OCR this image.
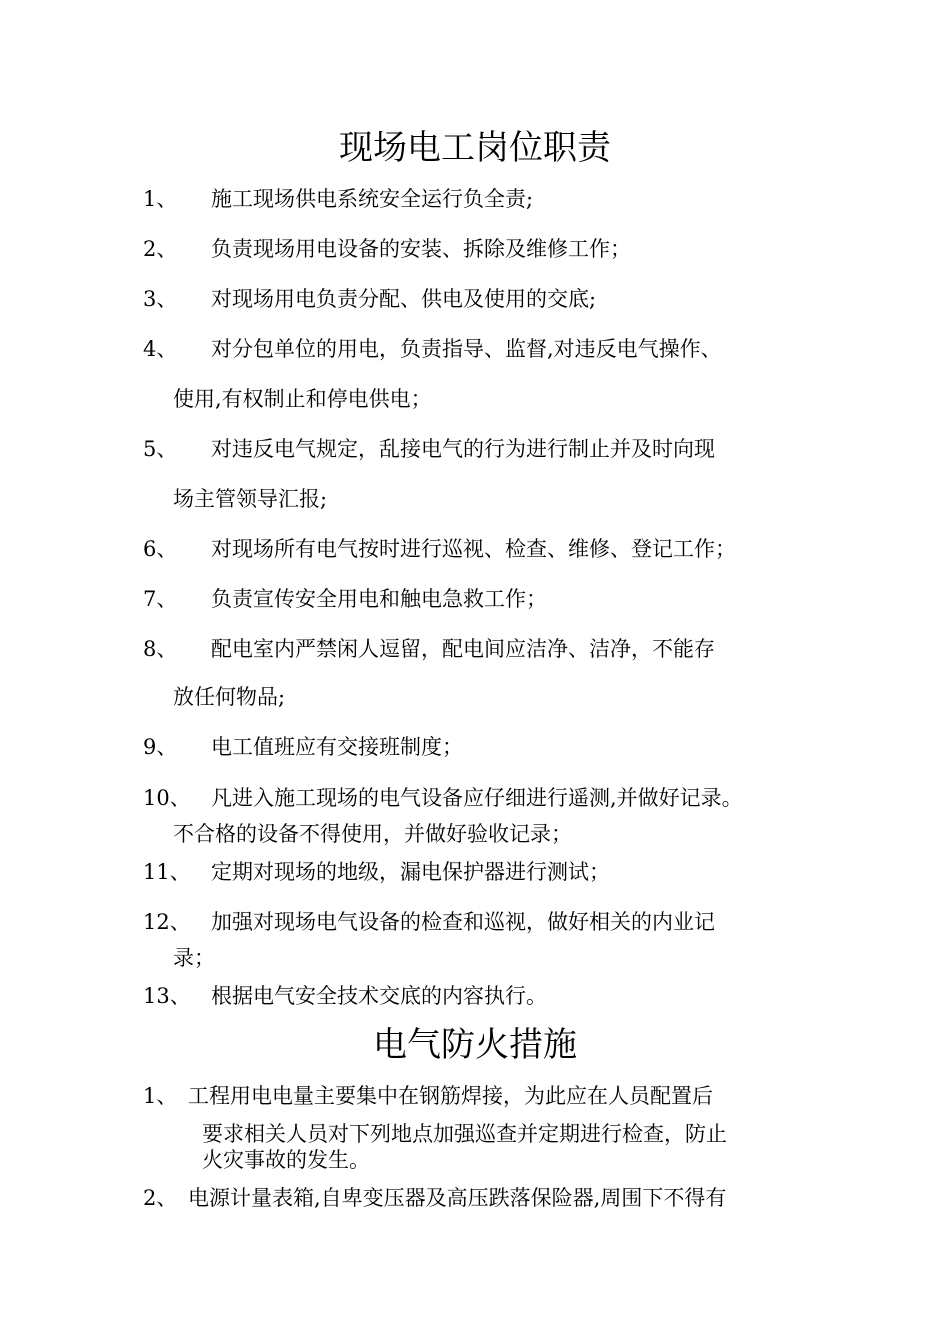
现场电工岗位职责
1、 施工现场供电系统安全运行负全责;
2、 负责现场用电设备的安装、拆除及维修工作；
3、 对现场用电负责分配、供电及使用的交底;
4、 对分包单位的用电，负责指导、监督,对违反电气操作、
使用,有权制止和停电供电；
5、 对违反电气规定，乱接电气的行为进行制止并及时向现
场主管领导汇报;
6、 对现场所有电气按时进行巡视、检查、维修、登记工作；
7、 负责宣传安全用电和触电急救工作；
8、 配电室内严禁闲人逗留，配电间应洁净、洁净，不能存
放任何物品;
9、 电工值班应有交接班制度；
10、 凡进入施工现场的电气设备应仔细进行遥测,并做好记录。
不合格的设备不得使用，并做好验收记录；
11、 定期对现场的地级，漏电保护器进行测试；
12、 加强对现场电气设备的检查和巡视，做好相关的内业记
录；
13、 根据电气安全技术交底的内容执行。
电气防火措施
1、 工程用电电量主要集中在钢筋焊接，为此应在人员配置后
要求相关人员对下列地点加强巡查并定期进行检查，防止
火灾事故的发生。
2、 电源计量表箱,自卑变压器及高压跌落保险器,周围下不得有
